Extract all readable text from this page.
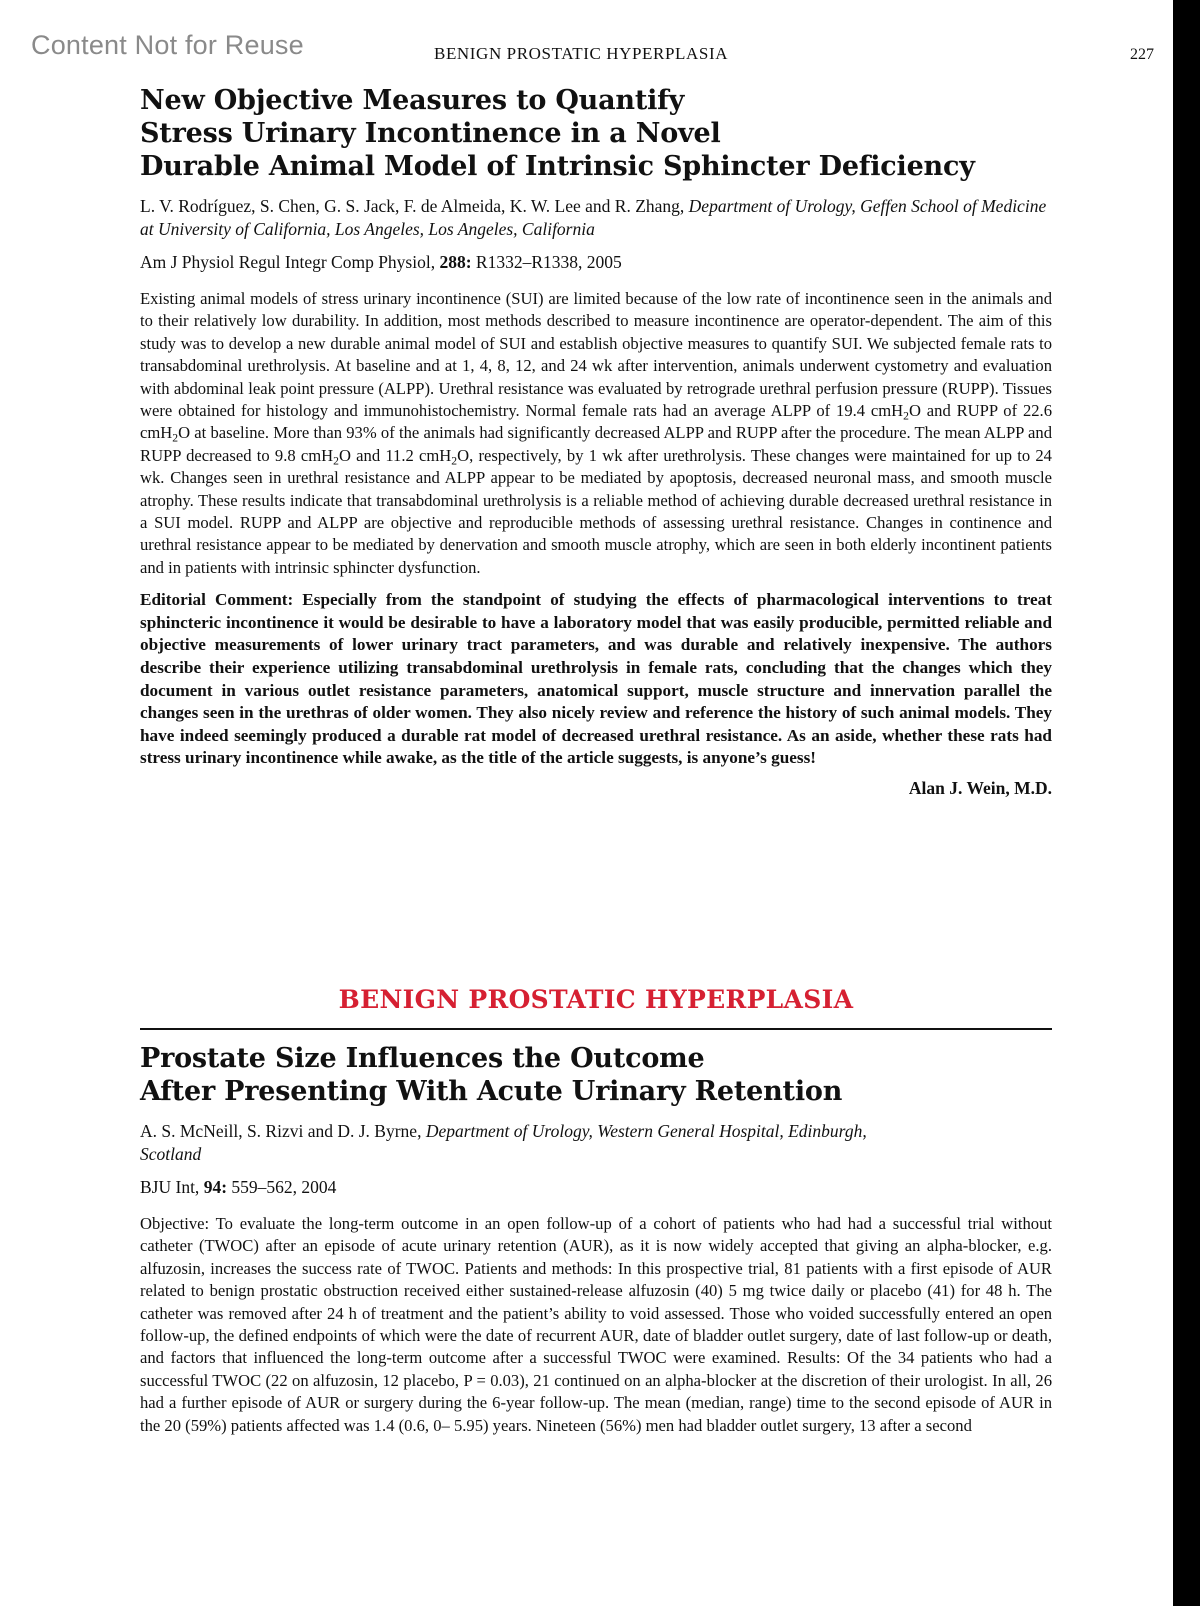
Content Not for Reuse	BENIGN PROSTATIC HYPERPLASIA	227
New Objective Measures to Quantify
Stress Urinary Incontinence in a Novel
Durable Animal Model of Intrinsic Sphincter Deficiency
L. V. Rodríguez, S. Chen, G. S. Jack, F. de Almeida, K. W. Lee and R. Zhang, Department of Urology, Geffen School of Medicine at University of California, Los Angeles, Los Angeles, California
Am J Physiol Regul Integr Comp Physiol, 288: R1332–R1338, 2005
Existing animal models of stress urinary incontinence (SUI) are limited because of the low rate of incontinence seen in the animals and to their relatively low durability. In addition, most methods described to measure incontinence are operator-dependent. The aim of this study was to develop a new durable animal model of SUI and establish objective measures to quantify SUI. We subjected female rats to transabdominal urethrolysis. At baseline and at 1, 4, 8, 12, and 24 wk after intervention, animals underwent cystometry and evaluation with abdominal leak point pressure (ALPP). Urethral resistance was evaluated by retrograde urethral perfusion pressure (RUPP). Tissues were obtained for histology and immunohistochemistry. Normal female rats had an average ALPP of 19.4 cmH$_2$O and RUPP of 22.6 cmH$_2$O at baseline. More than 93% of the animals had significantly decreased ALPP and RUPP after the procedure. The mean ALPP and RUPP decreased to 9.8 cmH$_2$O and 11.2 cmH$_2$O, respectively, by 1 wk after urethrolysis. These changes were maintained for up to 24 wk. Changes seen in urethral resistance and ALPP appear to be mediated by apoptosis, decreased neuronal mass, and smooth muscle atrophy. These results indicate that transabdominal urethrolysis is a reliable method of achieving durable decreased urethral resistance in a SUI model. RUPP and ALPP are objective and reproducible methods of assessing urethral resistance. Changes in continence and urethral resistance appear to be mediated by denervation and smooth muscle atrophy, which are seen in both elderly incontinent patients and in patients with intrinsic sphincter dysfunction.
Editorial Comment: Especially from the standpoint of studying the effects of pharmacological interventions to treat sphincteric incontinence it would be desirable to have a laboratory model that was easily producible, permitted reliable and objective measurements of lower urinary tract parameters, and was durable and relatively inexpensive. The authors describe their experience utilizing transabdominal urethrolysis in female rats, concluding that the changes which they document in various outlet resistance parameters, anatomical support, muscle structure and innervation parallel the changes seen in the urethras of older women. They also nicely review and reference the history of such animal models. They have indeed seemingly produced a durable rat model of decreased urethral resistance. As an aside, whether these rats had stress urinary incontinence while awake, as the title of the article suggests, is anyone’s guess!
Alan J. Wein, M.D.
BENIGN PROSTATIC HYPERPLASIA
Prostate Size Influences the Outcome
After Presenting With Acute Urinary Retention
A. S. McNeill, S. Rizvi and D. J. Byrne, Department of Urology, Western General Hospital, Edinburgh, Scotland
BJU Int, 94: 559–562, 2004
Objective: To evaluate the long-term outcome in an open follow-up of a cohort of patients who had had a successful trial without catheter (TWOC) after an episode of acute urinary retention (AUR), as it is now widely accepted that giving an alpha-blocker, e.g. alfuzosin, increases the success rate of TWOC. Patients and methods: In this prospective trial, 81 patients with a first episode of AUR related to benign prostatic obstruction received either sustained-release alfuzosin (40) 5 mg twice daily or placebo (41) for 48 h. The catheter was removed after 24 h of treatment and the patient’s ability to void assessed. Those who voided successfully entered an open follow-up, the defined endpoints of which were the date of recurrent AUR, date of bladder outlet surgery, date of last follow-up or death, and factors that influenced the long-term outcome after a successful TWOC were examined. Results: Of the 34 patients who had a successful TWOC (22 on alfuzosin, 12 placebo, P = 0.03), 21 continued on an alpha-blocker at the discretion of their urologist. In all, 26 had a further episode of AUR or surgery during the 6-year follow-up. The mean (median, range) time to the second episode of AUR in the 20 (59%) patients affected was 1.4 (0.6, 0– 5.95) years. Nineteen (56%) men had bladder outlet surgery, 13 after a second
